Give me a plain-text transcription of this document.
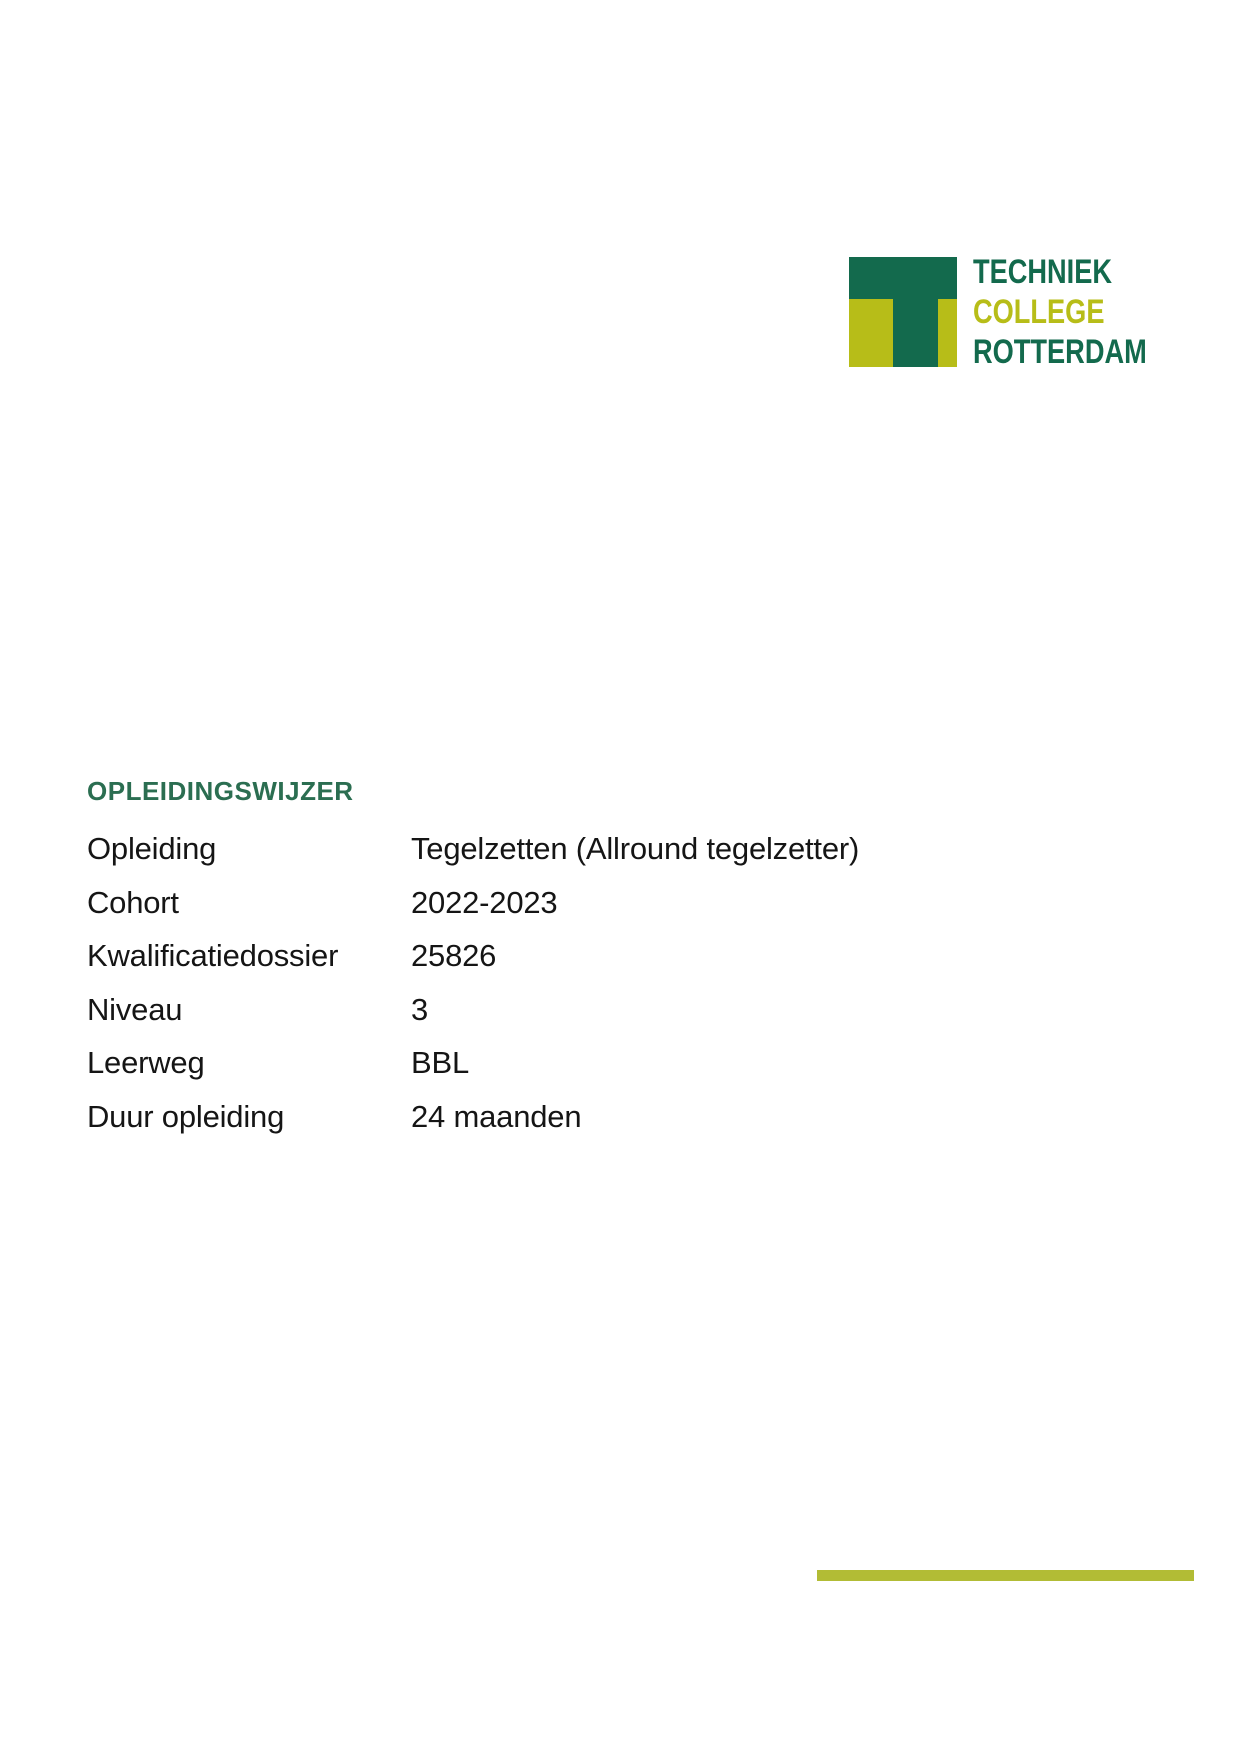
TECHNIEK
COLLEGE
ROTTERDAM
OPLEIDINGSWIJZER
Opleiding	Tegelzetten (Allround tegelzetter)
Cohort	2022-2023
Kwalificatiedossier	25826
Niveau	3
Leerweg	BBL
Duur opleiding	24 maanden
